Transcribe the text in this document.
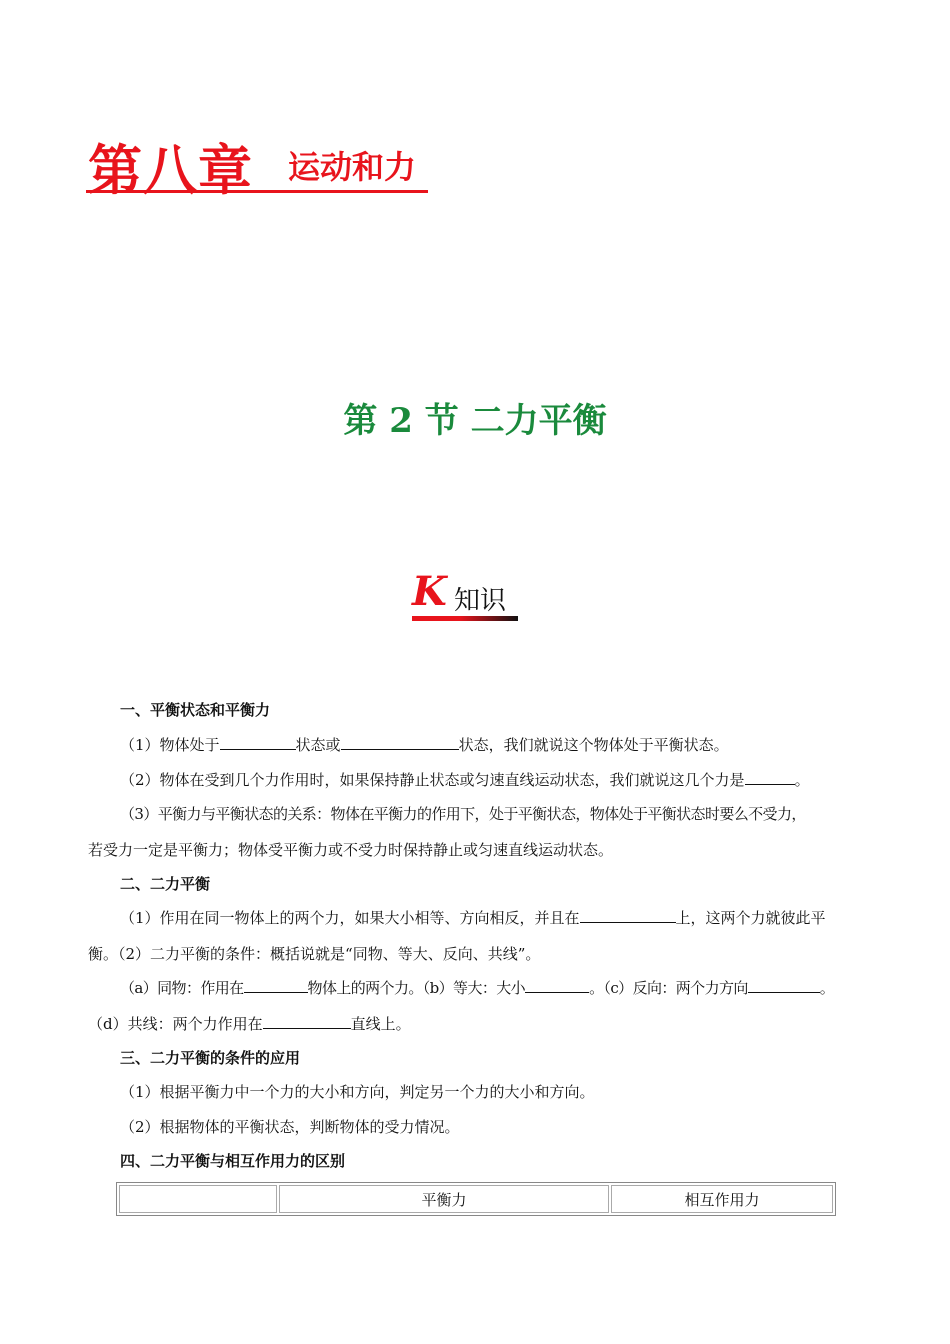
第八章 运动和力
第 2 节 二力平衡
K 知识
一、平衡状态和平衡力
（1）物体处于	状态或	状态，我们就说这个物体处于平衡状态。
（2）物体在受到几个力作用时，如果保持静止状态或匀速直线运动状态，我们就说这几个力是	。
（3）平衡力与平衡状态的关系：物体在平衡力的作用下，处于平衡状态，物体处于平衡状态时要么不受力，
若受力一定是平衡力；物体受平衡力或不受力时保持静止或匀速直线运动状态。
二、二力平衡
（1）作用在同一物体上的两个力，如果大小相等、方向相反，并且在	上，这两个力就彼此平
衡。（2）二力平衡的条件：概括说就是“同物、等大、反向、共线”。
（a）同物：作用在	物体上的两个力。（b）等大：大小	。（c）反向：两个力方向	。
（d）共线：两个力作用在	直线上。
三、二力平衡的条件的应用
（1）根据平衡力中一个力的大小和方向，判定另一个力的大小和方向。
（2）根据物体的平衡状态，判断物体的受力情况。
四、二力平衡与相互作用力的区别
	平衡力	相互作用力
